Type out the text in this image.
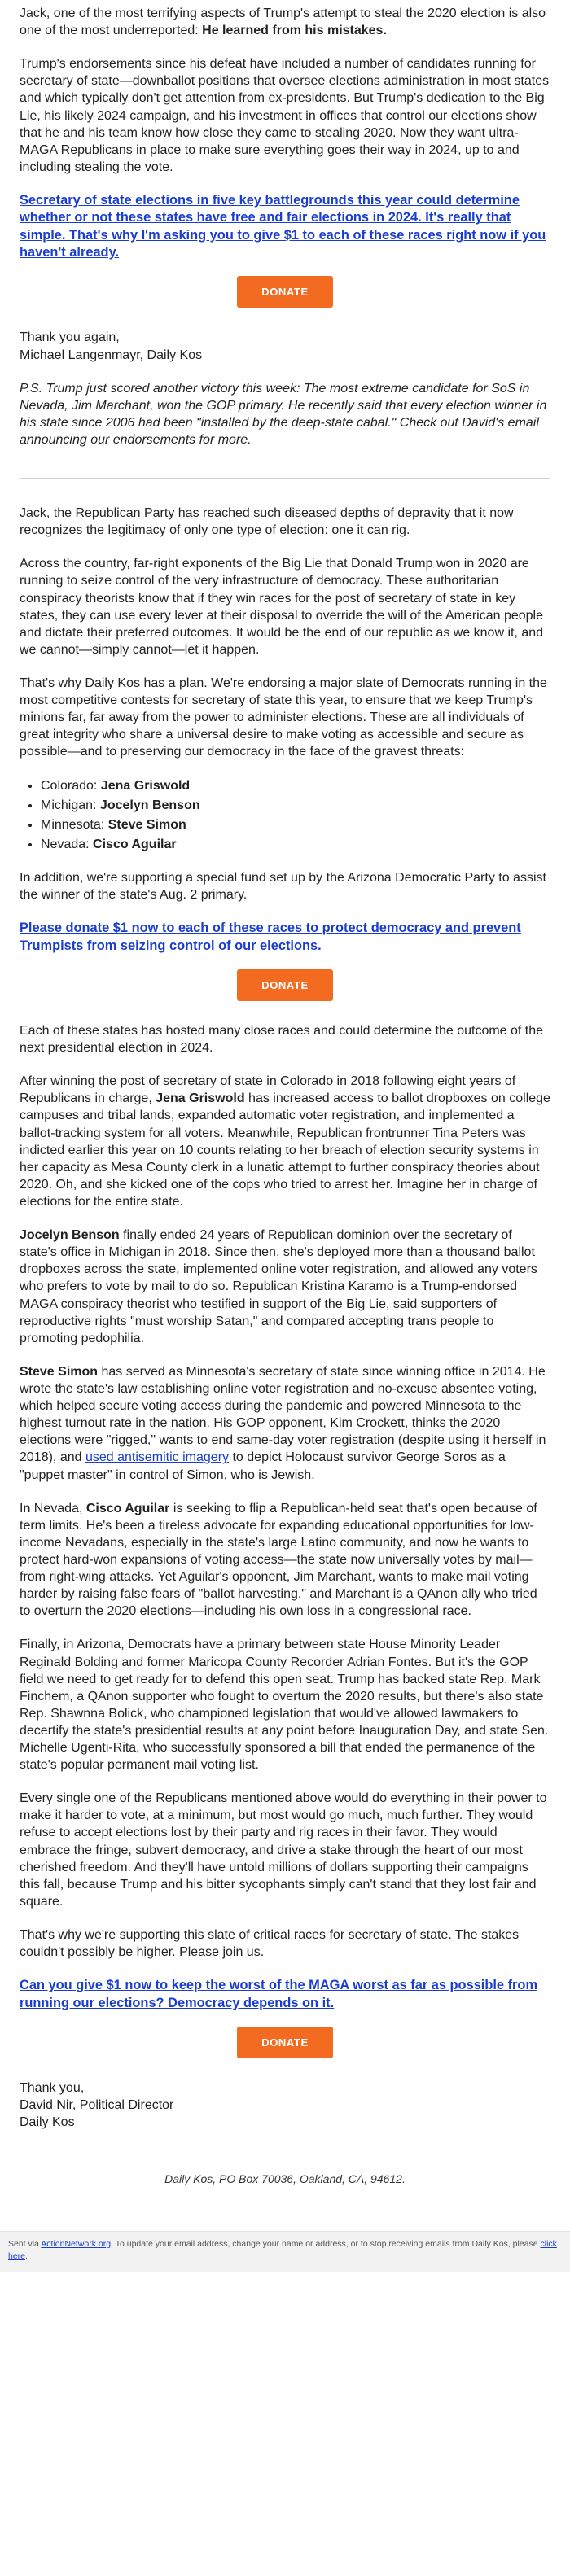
Jack, one of the most terrifying aspects of Trump's attempt to steal the 2020 election is also one of the most underreported: He learned from his mistakes.

Trump's endorsements since his defeat have included a number of candidates running for secretary of state—downballot positions that oversee elections administration in most states and which typically don't get attention from ex-presidents. But Trump's dedication to the Big Lie, his likely 2024 campaign, and his investment in offices that control our elections show that he and his team know how close they came to stealing 2020. Now they want ultra-MAGA Republicans in place to make sure everything goes their way in 2024, up to and including stealing the vote.

Secretary of state elections in five key battlegrounds this year could determine whether or not these states have free and fair elections in 2024. It's really that simple. That's why I'm asking you to give $1 to each of these races right now if you haven't already.

DONATE

Thank you again,
Michael Langenmayr, Daily Kos

P.S. Trump just scored another victory this week: The most extreme candidate for SoS in Nevada, Jim Marchant, won the GOP primary. He recently said that every election winner in his state since 2006 had been "installed by the deep-state cabal." Check out David's email announcing our endorsements for more.

Jack, the Republican Party has reached such diseased depths of depravity that it now recognizes the legitimacy of only one type of election: one it can rig.

Across the country, far-right exponents of the Big Lie that Donald Trump won in 2020 are running to seize control of the very infrastructure of democracy. These authoritarian conspiracy theorists know that if they win races for the post of secretary of state in key states, they can use every lever at their disposal to override the will of the American people and dictate their preferred outcomes. It would be the end of our republic as we know it, and we cannot—simply cannot—let it happen.

That's why Daily Kos has a plan. We're endorsing a major slate of Democrats running in the most competitive contests for secretary of state this year, to ensure that we keep Trump's minions far, far away from the power to administer elections. These are all individuals of great integrity who share a universal desire to make voting as accessible and secure as possible—and to preserving our democracy in the face of the gravest threats:

• Colorado: Jena Griswold
• Michigan: Jocelyn Benson
• Minnesota: Steve Simon
• Nevada: Cisco Aguilar

In addition, we're supporting a special fund set up by the Arizona Democratic Party to assist the winner of the state's Aug. 2 primary.

Please donate $1 now to each of these races to protect democracy and prevent Trumpists from seizing control of our elections.

DONATE

Each of these states has hosted many close races and could determine the outcome of the next presidential election in 2024.

After winning the post of secretary of state in Colorado in 2018 following eight years of Republicans in charge, Jena Griswold has increased access to ballot dropboxes on college campuses and tribal lands, expanded automatic voter registration, and implemented a ballot-tracking system for all voters. Meanwhile, Republican frontrunner Tina Peters was indicted earlier this year on 10 counts relating to her breach of election security systems in her capacity as Mesa County clerk in a lunatic attempt to further conspiracy theories about 2020. Oh, and she kicked one of the cops who tried to arrest her. Imagine her in charge of elections for the entire state.

Jocelyn Benson finally ended 24 years of Republican dominion over the secretary of state's office in Michigan in 2018. Since then, she's deployed more than a thousand ballot dropboxes across the state, implemented online voter registration, and allowed any voters who prefers to vote by mail to do so. Republican Kristina Karamo is a Trump-endorsed MAGA conspiracy theorist who testified in support of the Big Lie, said supporters of reproductive rights "must worship Satan," and compared accepting trans people to promoting pedophilia.

Steve Simon has served as Minnesota's secretary of state since winning office in 2014. He wrote the state's law establishing online voter registration and no-excuse absentee voting, which helped secure voting access during the pandemic and powered Minnesota to the highest turnout rate in the nation. His GOP opponent, Kim Crockett, thinks the 2020 elections were "rigged," wants to end same-day voter registration (despite using it herself in 2018), and used antisemitic imagery to depict Holocaust survivor George Soros as a "puppet master" in control of Simon, who is Jewish.

In Nevada, Cisco Aguilar is seeking to flip a Republican-held seat that's open because of term limits. He's been a tireless advocate for expanding educational opportunities for low-income Nevadans, especially in the state's large Latino community, and now he wants to protect hard-won expansions of voting access—the state now universally votes by mail—from right-wing attacks. Yet Aguilar's opponent, Jim Marchant, wants to make mail voting harder by raising false fears of "ballot harvesting," and Marchant is a QAnon ally who tried to overturn the 2020 elections—including his own loss in a congressional race.

Finally, in Arizona, Democrats have a primary between state House Minority Leader Reginald Bolding and former Maricopa County Recorder Adrian Fontes. But it's the GOP field we need to get ready for to defend this open seat. Trump has backed state Rep. Mark Finchem, a QAnon supporter who fought to overturn the 2020 results, but there's also state Rep. Shawnna Bolick, who championed legislation that would've allowed lawmakers to decertify the state's presidential results at any point before Inauguration Day, and state Sen. Michelle Ugenti-Rita, who successfully sponsored a bill that ended the permanence of the state's popular permanent mail voting list.

Every single one of the Republicans mentioned above would do everything in their power to make it harder to vote, at a minimum, but most would go much, much further. They would refuse to accept elections lost by their party and rig races in their favor. They would embrace the fringe, subvert democracy, and drive a stake through the heart of our most cherished freedom. And they'll have untold millions of dollars supporting their campaigns this fall, because Trump and his bitter sycophants simply can't stand that they lost fair and square.

That's why we're supporting this slate of critical races for secretary of state. The stakes couldn't possibly be higher. Please join us.

Can you give $1 now to keep the worst of the MAGA worst as far as possible from running our elections? Democracy depends on it.

DONATE

Thank you,
David Nir, Political Director
Daily Kos

Daily Kos, PO Box 70036, Oakland, CA, 94612.
Sent via ActionNetwork.org. To update your email address, change your name or address, or to stop receiving emails from Daily Kos, please click here.
